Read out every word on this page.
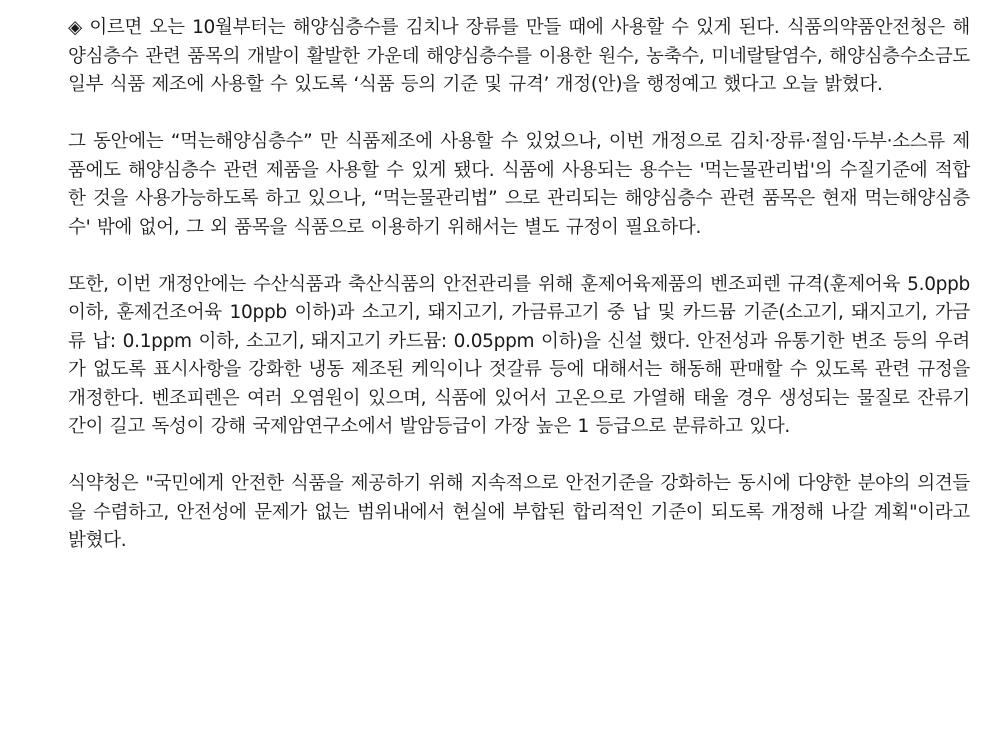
◈ 이르면 오는 10월부터는 해양심층수를 김치나 장류를 만들 때에 사용할 수 있게 된다. 식품의약품안전청은 해양심층수 관련 품목의 개발이 활발한 가운데 해양심층수를 이용한 원수, 농축수, 미네랄탈염수, 해양심층수소금도 일부 식품 제조에 사용할 수 있도록 ‘식품 등의 기준 및 규격’ 개정(안)을 행정예고 했다고 오늘 밝혔다.

그 동안에는 “먹는해양심층수” 만 식품제조에 사용할 수 있었으나, 이번 개정으로 김치·장류·절임·두부·소스류 제품에도 해양심층수 관련 제품을 사용할 수 있게 됐다. 식품에 사용되는 용수는 '먹는물관리법'의 수질기준에 적합한 것을 사용가능하도록 하고 있으나, “먹는물관리법” 으로 관리되는 해양심층수 관련 품목은 현재 먹는해양심층수' 밖에 없어, 그 외 품목을 식품으로 이용하기 위해서는 별도 규정이 필요하다.

또한, 이번 개정안에는 수산식품과 축산식품의 안전관리를 위해 훈제어육제품의 벤조피렌 규격(훈제어육 5.0ppb 이하, 훈제건조어육 10ppb 이하)과 소고기, 돼지고기, 가금류고기 중 납 및 카드뮴 기준(소고기, 돼지고기, 가금류 납: 0.1ppm 이하, 소고기, 돼지고기 카드뮴: 0.05ppm 이하)을 신설 했다. 안전성과 유통기한 변조 등의 우려가 없도록 표시사항을 강화한 냉동 제조된 케익이나 젓갈류 등에 대해서는 해동해 판매할 수 있도록 관련 규정을 개정한다. 벤조피렌은 여러 오염원이 있으며, 식품에 있어서 고온으로 가열해 태울 경우 생성되는 물질로 잔류기간이 길고 독성이 강해 국제암연구소에서 발암등급이 가장 높은 1 등급으로 분류하고 있다.

식약청은 "국민에게 안전한 식품을 제공하기 위해 지속적으로 안전기준을 강화하는 동시에 다양한 분야의 의견들을 수렴하고, 안전성에 문제가 없는 범위내에서 현실에 부합된 합리적인 기준이 되도록 개정해 나갈 계획"이라고 밝혔다.
